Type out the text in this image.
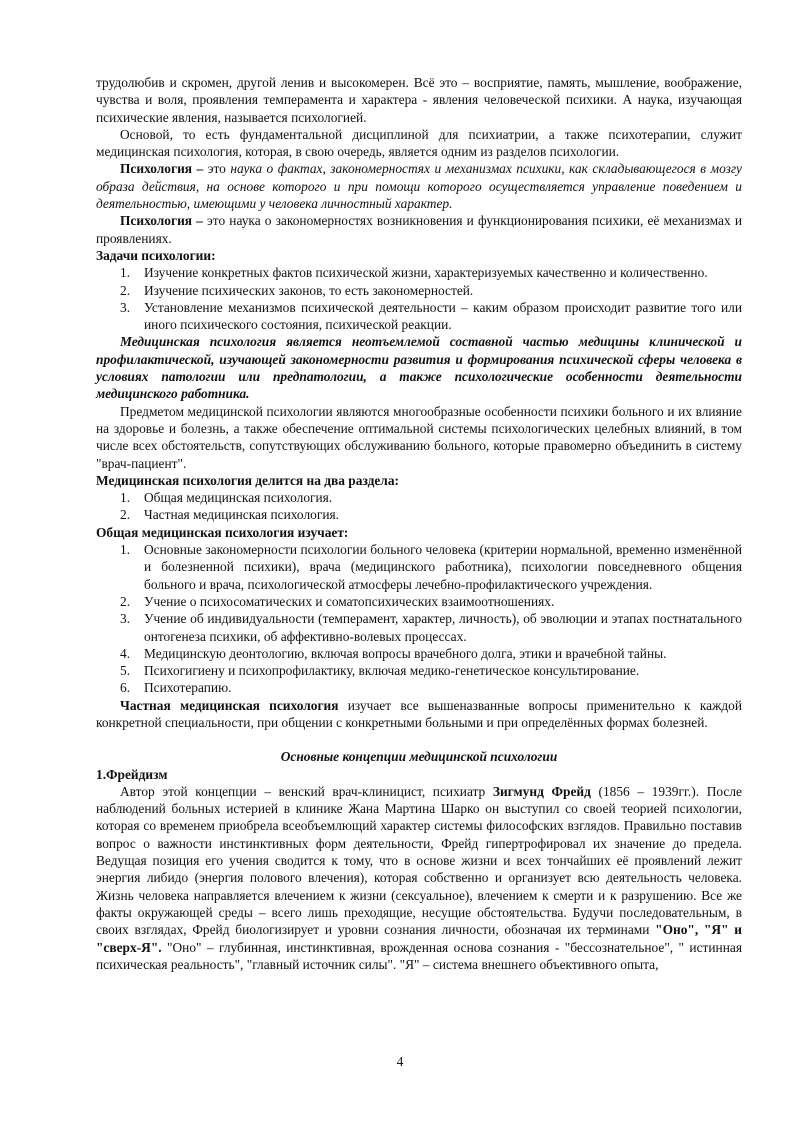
трудолюбив и скромен, другой ленив и высокомерен. Всё это – восприятие, память, мышление, воображение, чувства и воля, проявления темперамента и характера - явления человеческой психики. А наука, изучающая психические явления, называется психологией.

Основой, то есть фундаментальной дисциплиной для психиатрии, а также психотерапии, служит медицинская психология, которая, в свою очередь, является одним из разделов психологии.

Психология – это наука о фактах, закономерностях и механизмах психики, как складывающегося в мозгу образа действия, на основе которого и при помощи которого осуществляется управление поведением и деятельностью, имеющими у человека личностный характер.

Психология – это наука о закономерностях возникновения и функционирования психики, её механизмах и проявлениях.

Задачи психологии:

1. Изучение конкретных фактов психической жизни, характеризуемых качественно и количественно.
2. Изучение психических законов, то есть закономерностей.
3. Установление механизмов психической деятельности – каким образом происходит развитие того или иного психического состояния, психической реакции.

Медицинская психология является неотъемлемой составной частью медицины клинической и профилактической, изучающей закономерности развития и формирования психической сферы человека в условиях патологии или предпатологии, а также психологические особенности деятельности медицинского работника.

Предметом медицинской психологии являются многообразные особенности психики больного и их влияние на здоровье и болезнь, а также обеспечение оптимальной системы психологических целебных влияний, в том числе всех обстоятельств, сопутствующих обслуживанию больного, которые правомерно объединить в систему "врач-пациент".

Медицинская психология делится на два раздела:

1. Общая медицинская психология.
2. Частная медицинская психология.

Общая медицинская психология изучает:

1. Основные закономерности психологии больного человека (критерии нормальной, временно изменённой и болезненной психики), врача (медицинского работника), психологии повседневного общения больного и врача, психологической атмосферы лечебно-профилактического учреждения.
2. Учение о психосоматических и соматопсихических взаимоотношениях.
3. Учение об индивидуальности (темперамент, характер, личность), об эволюции и этапах постнатального онтогенеза психики, об аффективно-волевых процессах.
4. Медицинскую деонтологию, включая вопросы врачебного долга, этики и врачебной тайны.
5. Психогигиену и психопрофилактику, включая медико-генетическое консультирование.
6. Психотерапию.

Частная медицинская психология изучает все вышеназванные вопросы применительно к каждой конкретной специальности, при общении с конкретными больными и при определённых формах болезней.

Основные концепции медицинской психологии

1.Фрейдизм

Автор этой концепции – венский врач-клиницист, психиатр Зигмунд Фрейд (1856 – 1939гг.). После наблюдений больных истерией в клинике Жана Мартина Шарко он выступил со своей теорией психологии, которая со временем приобрела всеобъемлющий характер системы философских взглядов. Правильно поставив вопрос о важности инстинктивных форм деятельности, Фрейд гипертрофировал их значение до предела. Ведущая позиция его учения сводится к тому, что в основе жизни и всех тончайших её проявлений лежит энергия либидо (энергия полового влечения), которая собственно и организует всю деятельность человека. Жизнь человека направляется влечением к жизни (сексуальное), влечением к смерти и к разрушению. Все же факты окружающей среды – всего лишь преходящие, несущие обстоятельства. Будучи последовательным, в своих взглядах, Фрейд биологизирует и уровни сознания личности, обозначая их терминами "Оно", "Я" и "сверх-Я". "Оно" – глубинная, инстинктивная, врожденная основа сознания - "бессознательное", " истинная психическая реальность", "главный источник силы". "Я" – система внешнего объективного опыта,

4
